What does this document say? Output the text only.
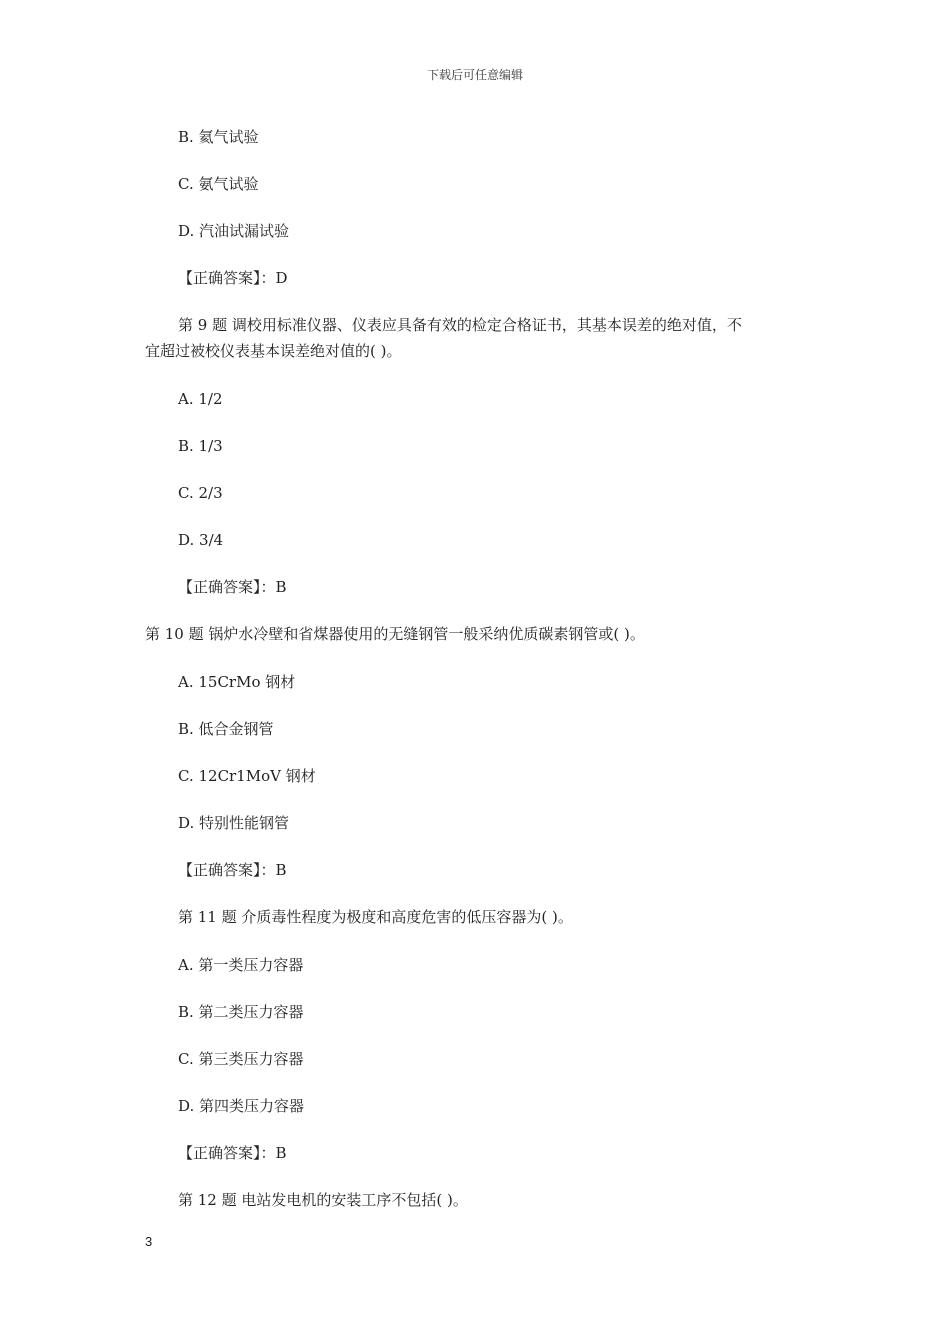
下载后可任意编辑
B. 氦气试验
C. 氨气试验
D. 汽油试漏试验
【正确答案】：D
第 9 题 调校用标准仪器、仪表应具备有效的检定合格证书，其基本误差的绝对值，不
宜超过被校仪表基本误差绝对值的( )。
A. 1/2
B. 1/3
C. 2/3
D. 3/4
【正确答案】：B
第 10 题 锅炉水冷壁和省煤器使用的无缝钢管一般采纳优质碳素钢管或( )。
A. 15CrMo 钢材
B. 低合金钢管
C. 12Cr1MoV 钢材
D. 特别性能钢管
【正确答案】：B
第 11 题 介质毒性程度为极度和高度危害的低压容器为( )。
A. 第一类压力容器
B. 第二类压力容器
C. 第三类压力容器
D. 第四类压力容器
【正确答案】：B
第 12 题 电站发电机的安装工序不包括( )。
3
